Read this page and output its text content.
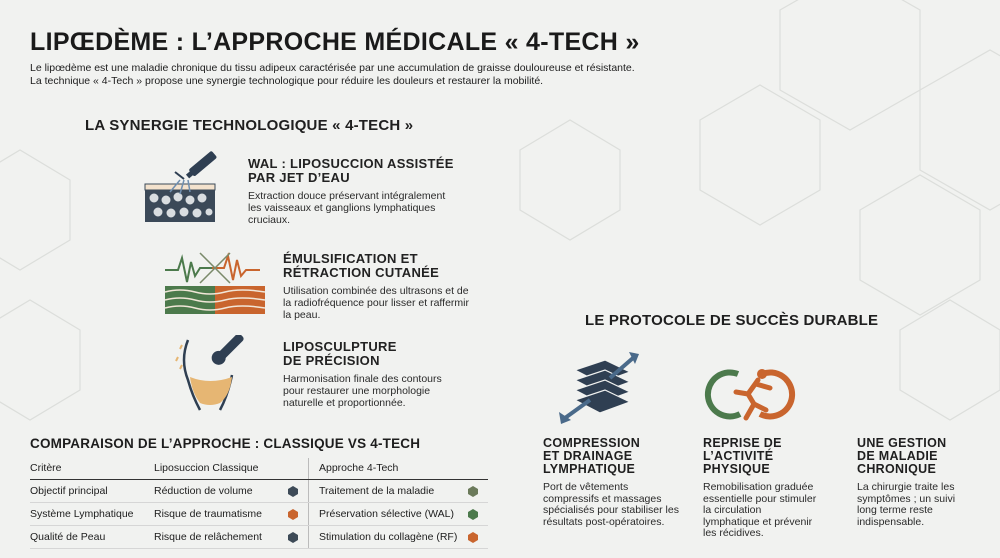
LIPŒDÈME : L’APPROCHE MÉDICALE « 4-TECH »
Le lipœdème est une maladie chronique du tissu adipeux caractérisée par une accumulation de graisse douloureuse et résistante.
La technique « 4-Tech » propose une synergie technologique pour réduire les douleurs et restaurer la mobilité.
LA SYNERGIE TECHNOLOGIQUE « 4-TECH »
WAL : LIPOSUCCION ASSISTÉE
PAR JET D’EAU
Extraction douce préservant intégralement
les vaisseaux et ganglions lymphatiques
cruciaux.
ÉMULSIFICATION ET
RÉTRACTION CUTANÉE
Utilisation combinée des ultrasons et de
la radiofréquence pour lisser et raffermir
la peau.
LIPOSCULPTURE
DE PRÉCISION
Harmonisation finale des contours
pour restaurer une morphologie
naturelle et proportionnée.
COMPARAISON DE L’APPROCHE : CLASSIQUE VS 4-TECH
Critère	Liposuccion Classique	Approche 4-Tech
Objectif principal	Réduction de volume	Traitement de la maladie

Système Lymphatique	Risque de traumatisme	Préservation sélective (WAL)

Qualité de Peau	Risque de relâchement	Stimulation du collagène (RF)
LE PROTOCOLE DE SUCCÈS DURABLE
COMPRESSION
ET DRAINAGE
LYMPHATIQUE
Port de vêtements
compressifs et massages
spécialisés pour stabiliser les
résultats post-opératoires.
REPRISE DE
L’ACTIVITÉ
PHYSIQUE
Remobilisation graduée
essentielle pour stimuler
la circulation
lymphatique et prévenir
les récidives.
UNE GESTION
DE MALADIE
CHRONIQUE
La chirurgie traite les
symptômes ; un suivi
long terme reste
indispensable.
